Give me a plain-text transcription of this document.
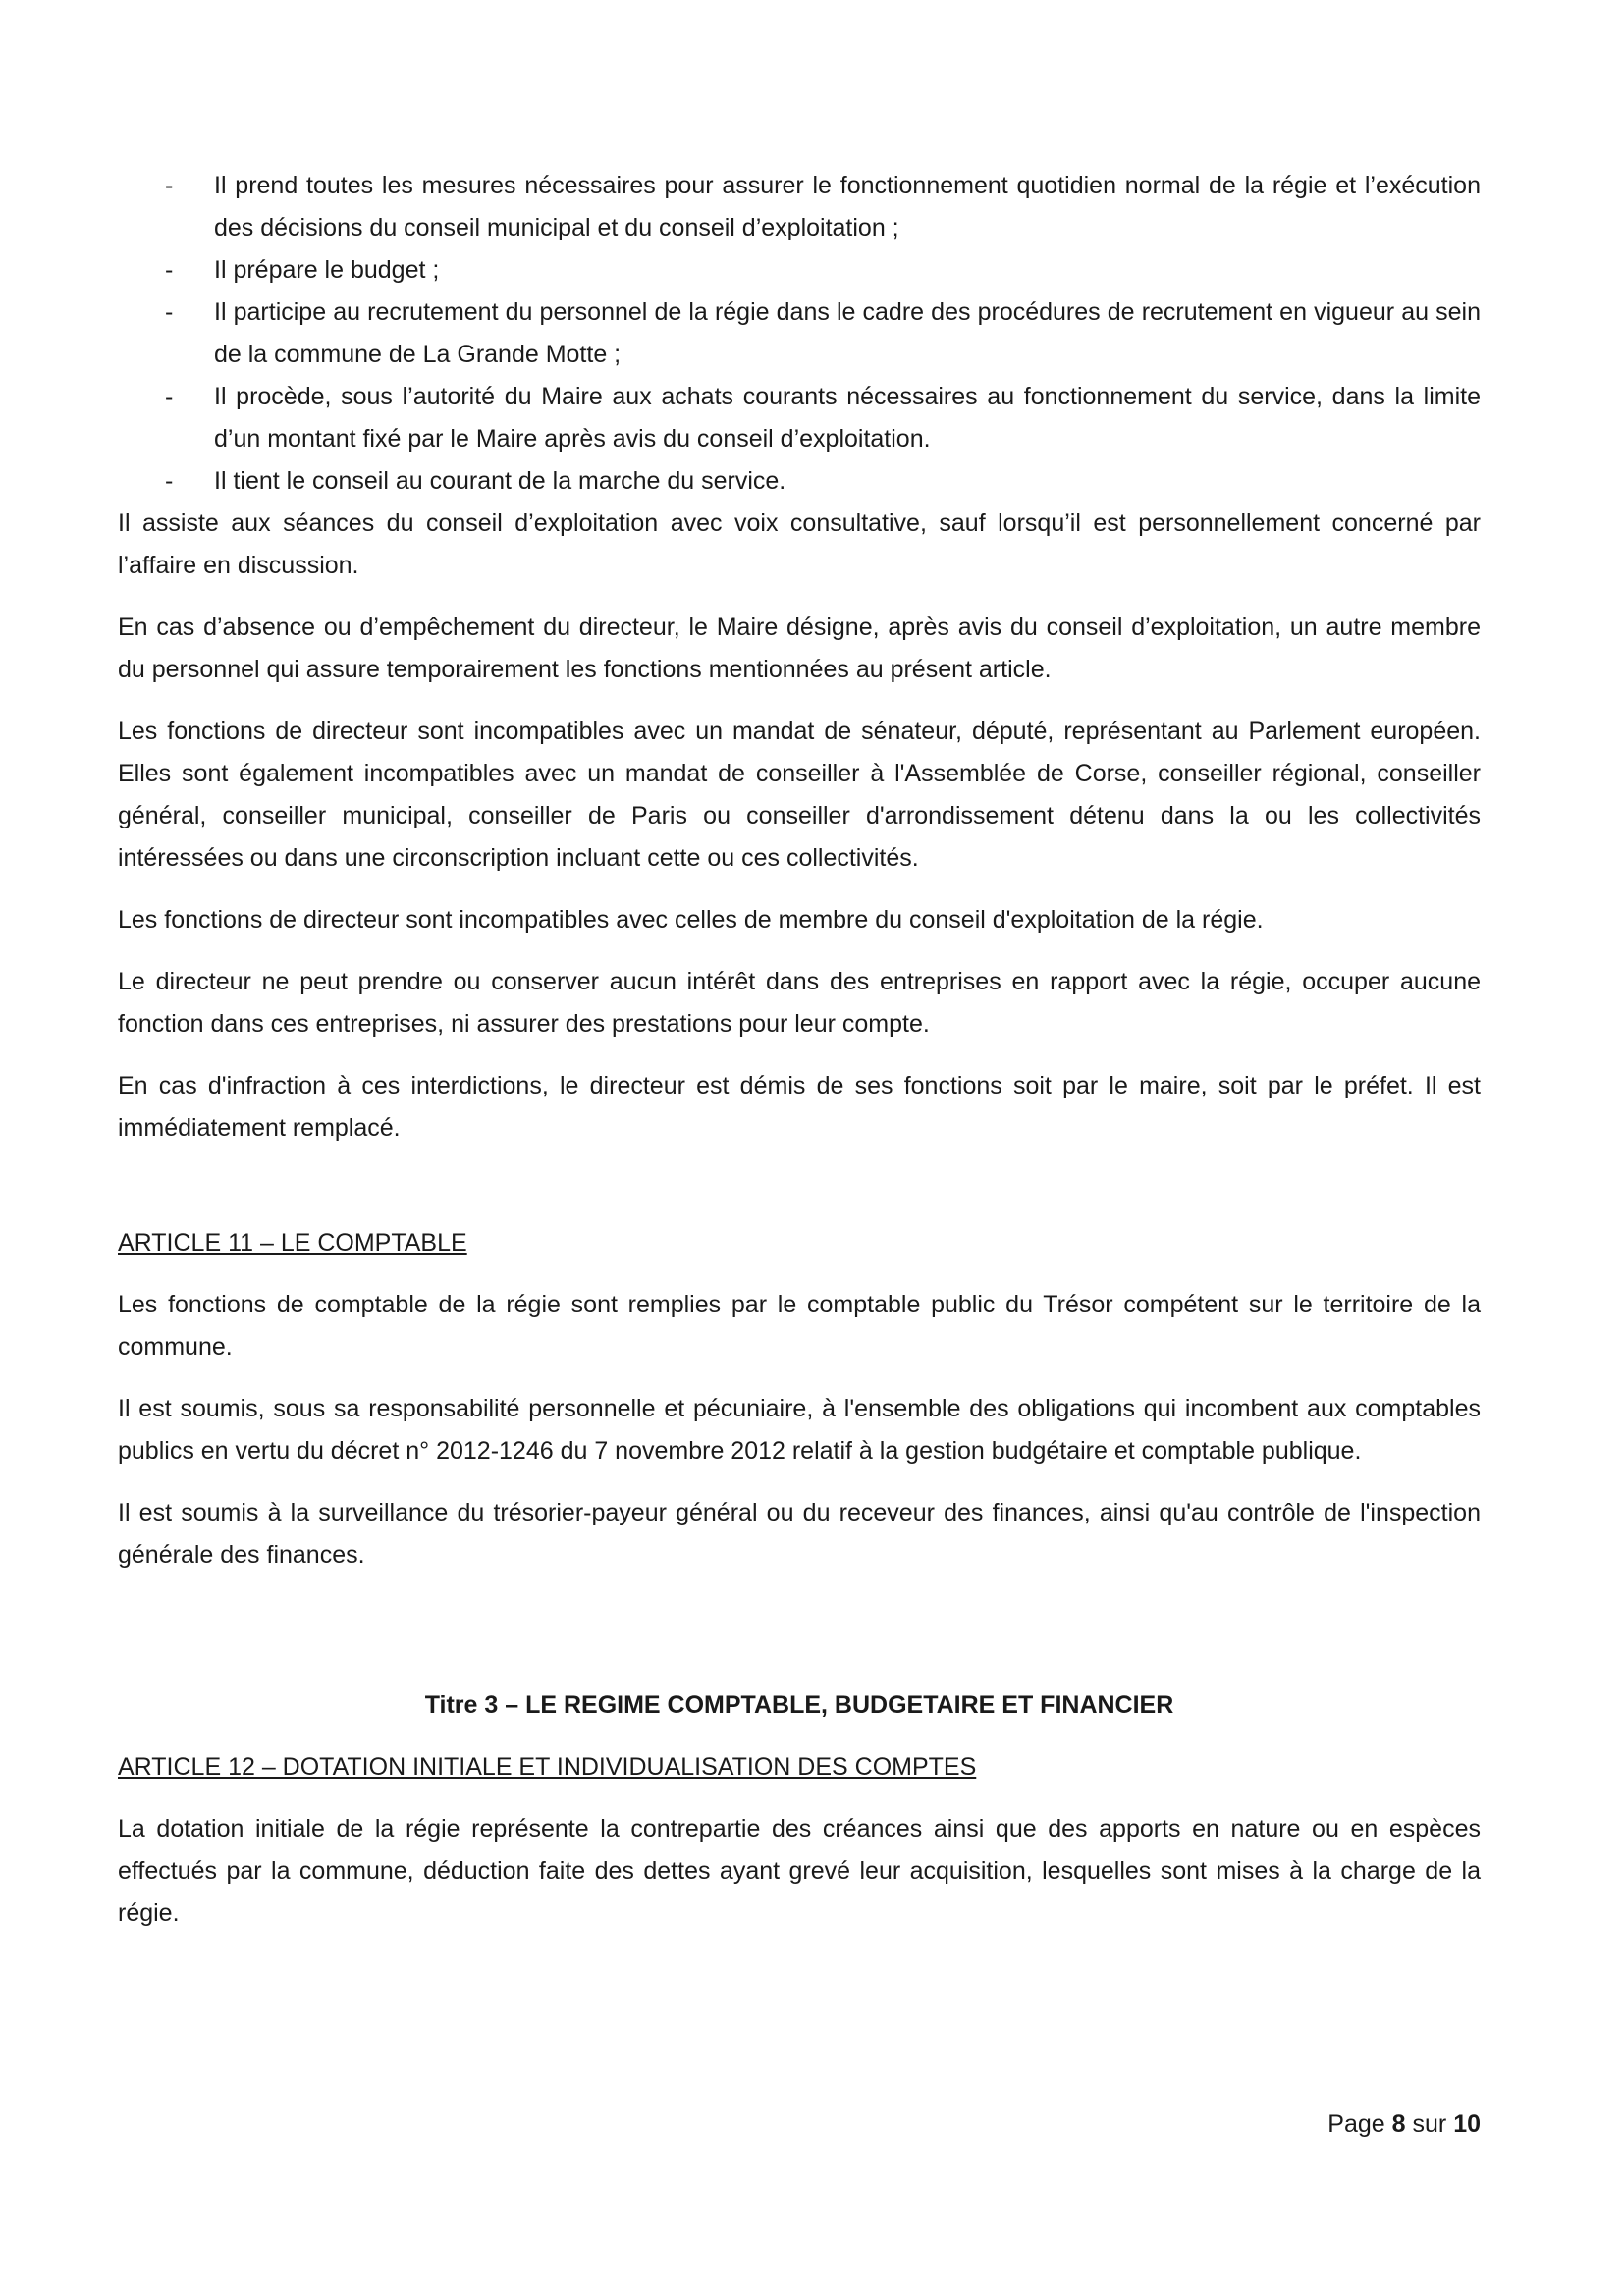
- Il prend toutes les mesures nécessaires pour assurer le fonctionnement quotidien normal de la régie et l’exécution des décisions du conseil municipal et du conseil d’exploitation ;
- Il prépare le budget ;
- Il participe au recrutement du personnel de la régie dans le cadre des procédures de recrutement en vigueur au sein de la commune de La Grande Motte ;
- Il procède, sous l’autorité du Maire aux achats courants nécessaires au fonctionnement du service, dans la limite d’un montant fixé par le Maire après avis du conseil d’exploitation.
- Il tient le conseil au courant de la marche du service.

Il assiste aux séances du conseil d’exploitation avec voix consultative, sauf lorsqu’il est personnellement concerné par l’affaire en discussion.

En cas d’absence ou d’empêchement du directeur, le Maire désigne, après avis du conseil d’exploitation, un autre membre du personnel qui assure temporairement les fonctions mentionnées au présent article.

Les fonctions de directeur sont incompatibles avec un mandat de sénateur, député, représentant au Parlement européen. Elles sont également incompatibles avec un mandat de conseiller à l'Assemblée de Corse, conseiller régional, conseiller général, conseiller municipal, conseiller de Paris ou conseiller d'arrondissement détenu dans la ou les collectivités intéressées ou dans une circonscription incluant cette ou ces collectivités.

Les fonctions de directeur sont incompatibles avec celles de membre du conseil d'exploitation de la régie.

Le directeur ne peut prendre ou conserver aucun intérêt dans des entreprises en rapport avec la régie, occuper aucune fonction dans ces entreprises, ni assurer des prestations pour leur compte.

En cas d'infraction à ces interdictions, le directeur est démis de ses fonctions soit par le maire, soit par le préfet. Il est immédiatement remplacé.

ARTICLE 11 – LE COMPTABLE

Les fonctions de comptable de la régie sont remplies par le comptable public du Trésor compétent sur le territoire de la commune.

Il est soumis, sous sa responsabilité personnelle et pécuniaire, à l'ensemble des obligations qui incombent aux comptables publics en vertu du décret n° 2012-1246 du 7 novembre 2012 relatif à la gestion budgétaire et comptable publique.

Il est soumis à la surveillance du trésorier-payeur général ou du receveur des finances, ainsi qu'au contrôle de l'inspection générale des finances.

Titre 3 – LE REGIME COMPTABLE, BUDGETAIRE ET FINANCIER
ARTICLE 12 – DOTATION INITIALE ET INDIVIDUALISATION DES COMPTES

La dotation initiale de la régie représente la contrepartie des créances ainsi que des apports en nature ou en espèces effectués par la commune, déduction faite des dettes ayant grevé leur acquisition, lesquelles sont mises à la charge de la régie.

Page 8 sur 10
